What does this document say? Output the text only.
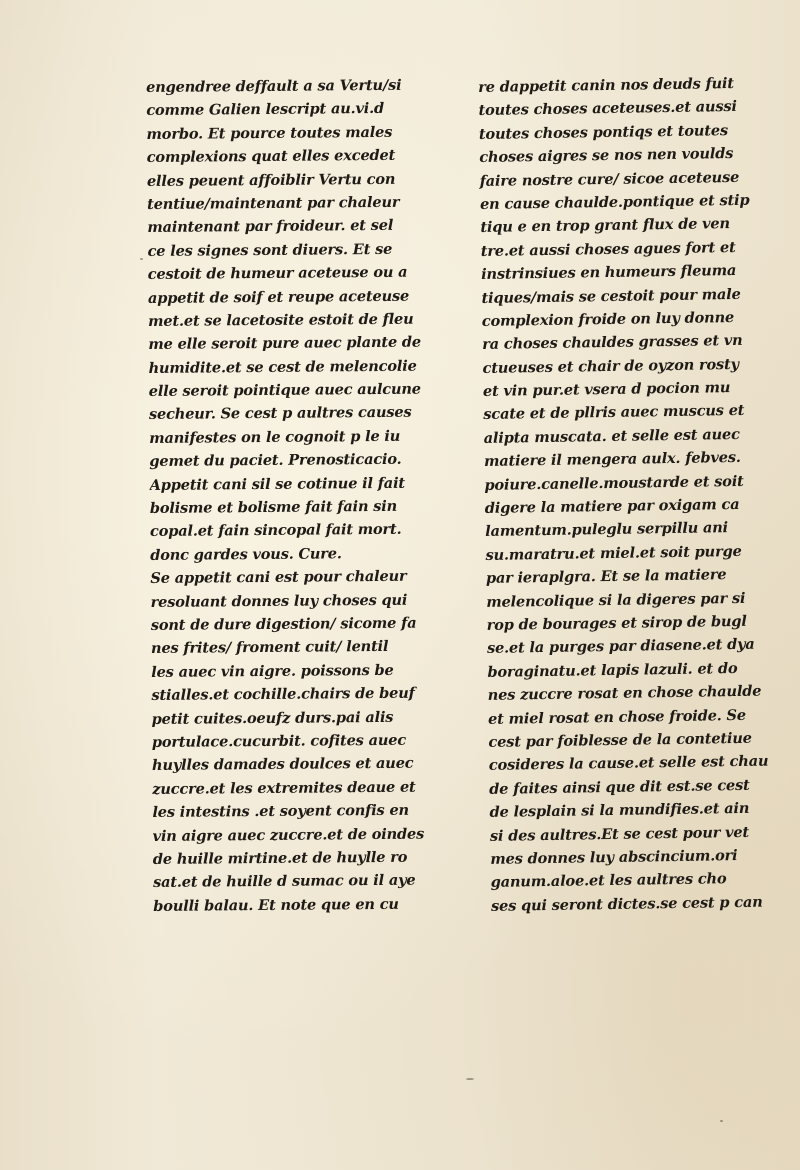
engendree deffault a sa Vertu/si
comme Galien lescript au.vi.d
morbo. Et pource toutes males
complexions quat elles excedet
elles peuent affoiblir Vertu con
tentiue/maintenant par chaleur
maintenant par froideur. et sel
ce les signes sont diuers. Et se
cestoit de humeur aceteuse ou a
appetit de soif et reupe aceteuse
met.et se lacetosite estoit de fleu
me elle seroit pure auec plante de
humidite.et se cest de melencolie
elle seroit pointique auec aulcune
secheur. Se cest p aultres causes
manifestes on le cognoit p le iu
gemet du paciet. Prenosticacio.
Appetit cani sil se cotinue il fait
bolisme et bolisme fait fain sin
copal.et fain sincopal fait mort.
donc gardes vous. Cure.
Se appetit cani est pour chaleur
resoluant donnes luy choses qui
sont de dure digestion/ sicome fa
nes frites/ froment cuit/ lentil
les auec vin aigre. poissons be
stialles.et cochille.chairs de beuf
petit cuites.oeufz durs.pai alis
portulace.cucurbit. cofites auec
huylles damades doulces et auec
zuccre.et les extremites deaue et
les intestins .et soyent confis en
vin aigre auec zuccre.et de oindes
de huille mirtine.et de huylle ro
sat.et de huille d sumac ou il aye
boulli balau. Et note que en cu
re dappetit canin nos deuds fuit
toutes choses aceteuses.et aussi
toutes choses pontiqs et toutes
choses aigres se nos nen voulds
faire nostre cure/ sicoe aceteuse
en cause chaulde.pontique et stip
tiqu e en trop grant flux de ven
tre.et aussi choses agues fort et
instrinsiues en humeurs fleuma
tiques/mais se cestoit pour male
complexion froide on luy donne
ra choses chauldes grasses et vn
ctueuses et chair de oyzon rosty
et vin pur.et vsera d pocion mu
scate et de pllris auec muscus et
alipta muscata. et selle est auec
matiere il mengera aulx. febves.
poiure.canelle.moustarde et soit
digere la matiere par oxigam ca
lamentum.puleglu serpillu ani
su.maratru.et miel.et soit purge
par ieraplgra. Et se la matiere
melencolique si la digeres par si
rop de bourages et sirop de bugl
se.et la purges par diasene.et dya
boraginatu.et lapis lazuli. et do
nes zuccre rosat en chose chaulde
et miel rosat en chose froide. Se
cest par foiblesse de la contetiue
cosideres la cause.et selle est chau
de faites ainsi que dit est.se cest
de lesplain si la mundifies.et ain
si des aultres.Et se cest pour vet
mes donnes luy abscincium.ori
ganum.aloe.et les aultres cho
ses qui seront dictes.se cest p can
